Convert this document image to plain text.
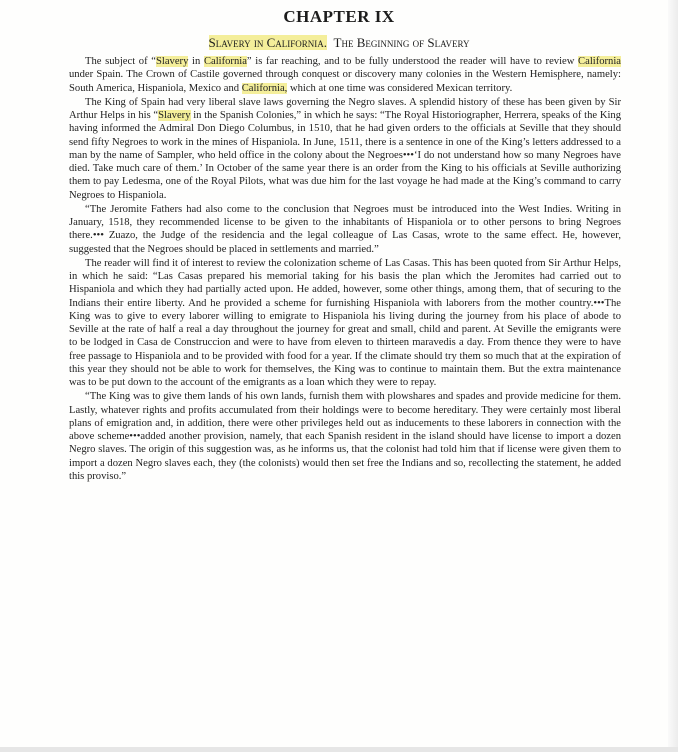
CHAPTER IX
Slavery in California. The Beginning of Slavery

The subject of “Slavery in California” is far reaching, and to be fully understood the reader will have to review California under Spain. The Crown of Castile governed through conquest or discovery many colonies in the Western Hemisphere, namely: South America, Hispaniola, Mexico and California, which at one time was considered Mexican territory.

The King of Spain had very liberal slave laws governing the Negro slaves. A splendid history of these has been given by Sir Arthur Helps in his “Slavery in the Spanish Colonies,” in which he says: “The Royal Historiographer, Herrera, speaks of the King having informed the Admiral Don Diego Columbus, in 1510, that he had given orders to the officials at Seville that they should send fifty Negroes to work in the mines of Hispaniola. In June, 1511, there is a sentence in one of the King’s letters addressed to a man by the name of Sampler, who held office in the colony about the Negroes•••‘I do not understand how so many Negroes have died. Take much care of them.’ In October of the same year there is an order from the King to his officials at Seville authorizing them to pay Ledesma, one of the Royal Pilots, what was due him for the last voyage he had made at the King’s command to carry Negroes to Hispaniola.

“The Jeromite Fathers had also come to the conclusion that Negroes must be introduced into the West Indies. Writing in January, 1518, they recommended license to be given to the inhabitants of Hispaniola or to other persons to bring Negroes there.••• Zuazo, the Judge of the residencia and the legal colleague of Las Casas, wrote to the same effect. He, however, suggested that the Negroes should be placed in settlements and married.”

The reader will find it of interest to review the colonization scheme of Las Casas. This has been quoted from Sir Arthur Helps, in which he said: “Las Casas prepared his memorial taking for his basis the plan which the Jeromites had carried out to Hispaniola and which they had partially acted upon. He added, however, some other things, among them, that of securing to the Indians their entire liberty. And he provided a scheme for furnishing Hispaniola with laborers from the mother country.•••The King was to give to every laborer willing to emigrate to Hispaniola his living during the journey from his place of abode to Seville at the rate of half a real a day throughout the journey for great and small, child and parent. At Seville the emigrants were to be lodged in Casa de Construccion and were to have from eleven to thirteen maravedis a day. From thence they were to have free passage to Hispaniola and to be provided with food for a year. If the climate should try them so much that at the expiration of this year they should not be able to work for themselves, the King was to continue to maintain them. But the extra maintenance was to be put down to the account of the emigrants as a loan which they were to repay.

“The King was to give them lands of his own lands, furnish them with plowshares and spades and provide medicine for them. Lastly, whatever rights and profits accumulated from their holdings were to become hereditary. They were certainly most liberal plans of emigration and, in addition, there were other privileges held out as inducements to these laborers in connection with the above scheme•••added another provision, namely, that each Spanish resident in the island should have license to import a dozen Negro slaves. The origin of this suggestion was, as he informs us, that the colonist had told him that if license were given them to import a dozen Negro slaves each, they (the colonists) would then set free the Indians and so, recollecting the statement, he added this proviso.”
